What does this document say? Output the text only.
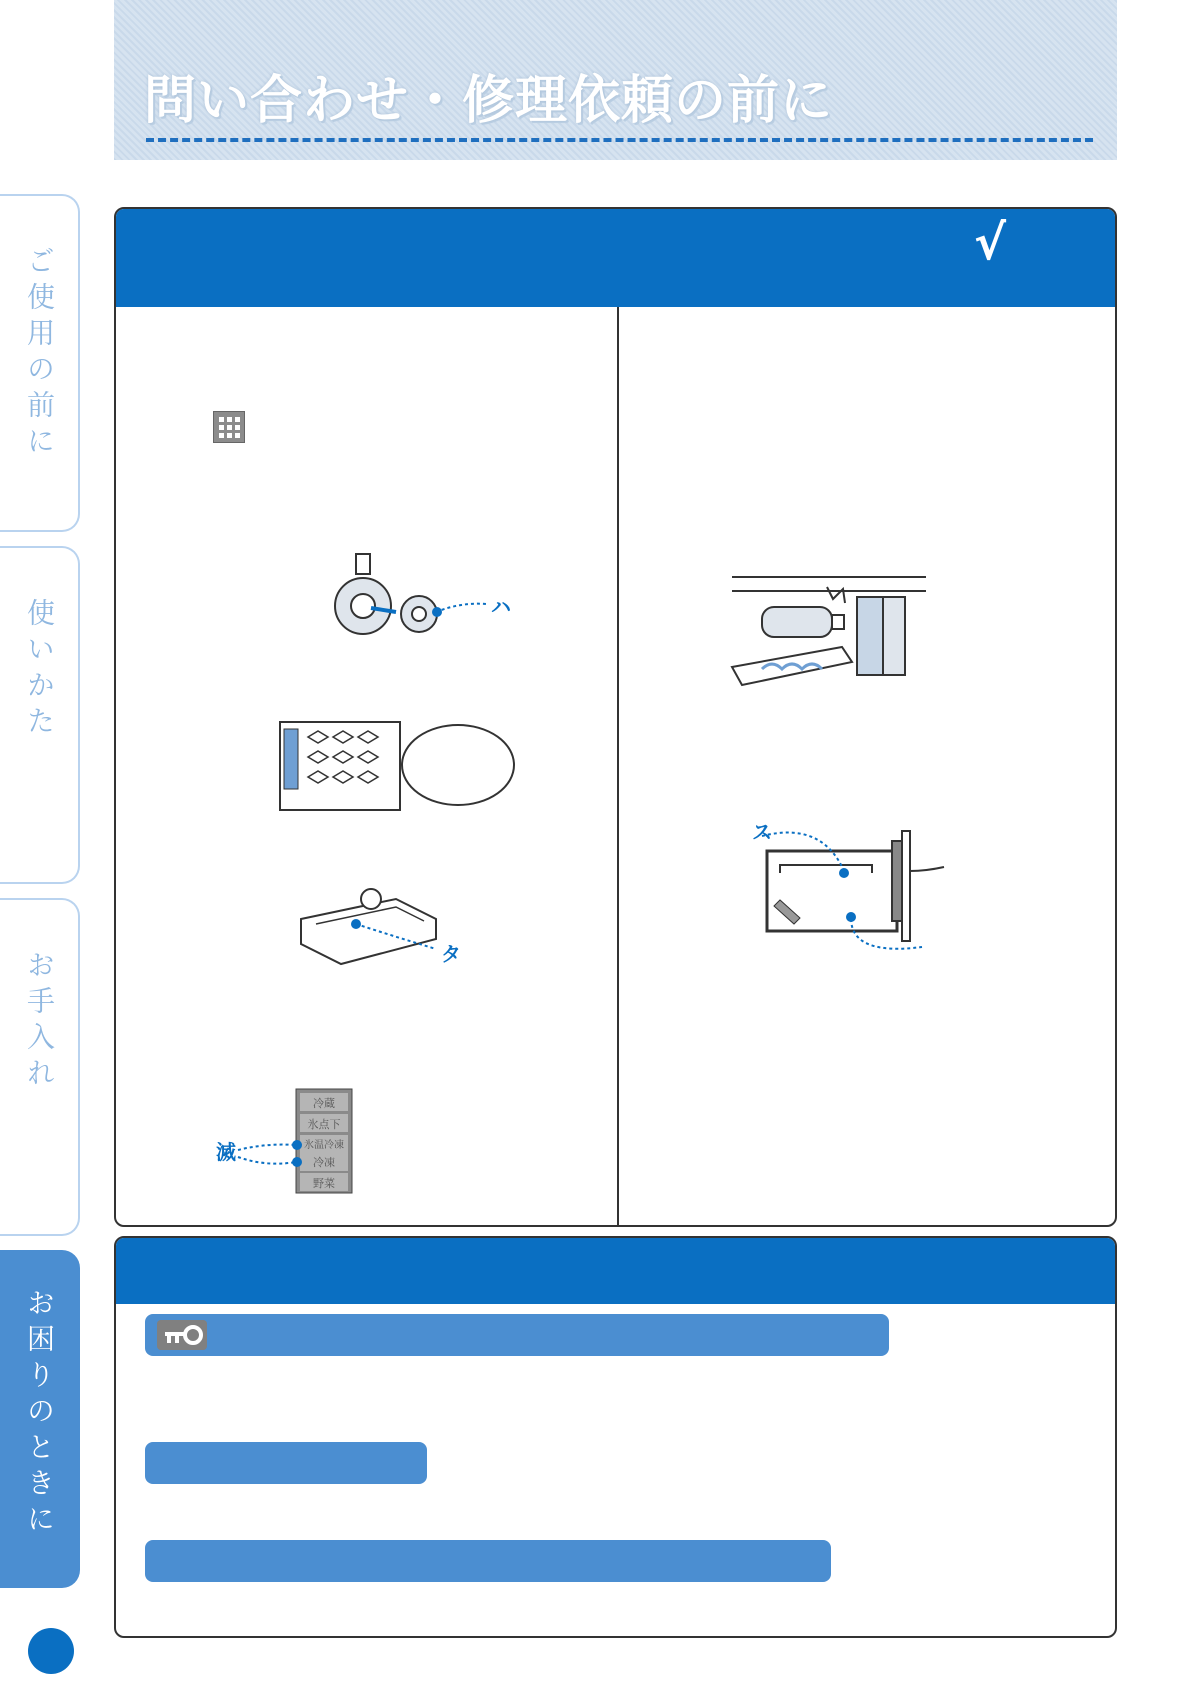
問い合わせ・修理依頼の前に
ご使用の前に
使いかた
お手入れ
お困りのときに
√
ハ
タ
冷蔵
氷点下
氷温冷凍
冷凍
野菜
滅
ス
